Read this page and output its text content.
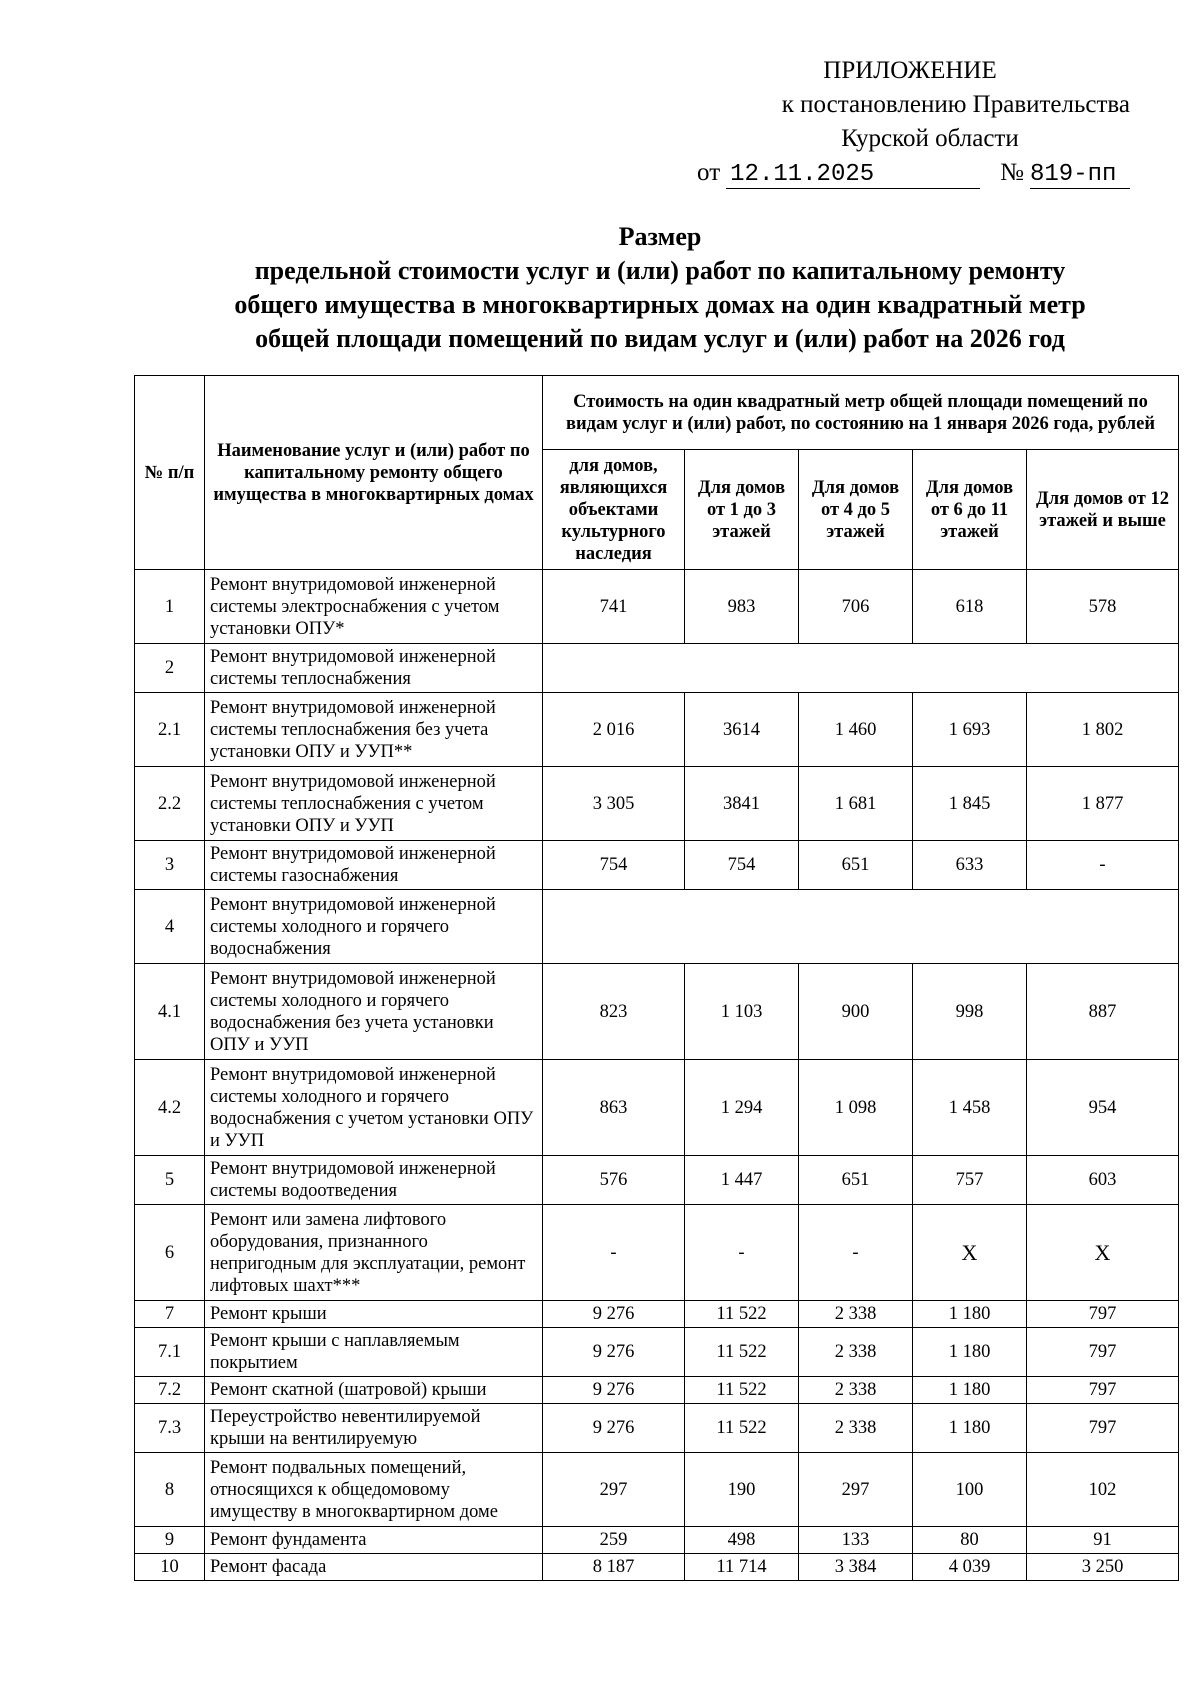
ПРИЛОЖЕНИЕ
к постановлению Правительства
Курской области
от 12.11.2025	№ 819-пп
Размер
предельной стоимости услуг и (или) работ по капитальному ремонту
общего имущества в многоквартирных домах на один квадратный метр
общей площади помещений по видам услуг и (или) работ на 2026 год
№ п/п	Наименование услуг и (или) работ по капитальному ремонту общего имущества в многоквартирных домах	Стоимость на один квадратный метр общей площади помещений по видам услуг и (или) работ, по состоянию на 1 января 2026 года, рублей				
		для домов, являющихся объектами культурного наследия	Для домов от 1 до 3 этажей	Для домов от 4 до 5 этажей	Для домов от 6 до 11 этажей	Для домов от 12 этажей и выше
1	Ремонт внутридомовой инженерной системы электроснабжения с учетом установки ОПУ*	741	983	706	618	578
2	Ремонт внутридомовой инженерной системы теплоснабжения					
2.1	Ремонт внутридомовой инженерной системы теплоснабжения без учета установки ОПУ и УУП**	2 016	3614	1 460	1 693	1 802
2.2	Ремонт внутридомовой инженерной системы теплоснабжения с учетом установки ОПУ и УУП	3 305	3841	1 681	1 845	1 877
3	Ремонт внутридомовой инженерной системы газоснабжения	754	754	651	633	-
4	Ремонт внутридомовой инженерной системы холодного и горячего водоснабжения					
4.1	Ремонт внутридомовой инженерной системы холодного и горячего водоснабжения без учета установки ОПУ и УУП	823	1 103	900	998	887
4.2	Ремонт внутридомовой инженерной системы холодного и горячего водоснабжения с учетом установки ОПУ и УУП	863	1 294	1 098	1 458	954
5	Ремонт внутридомовой инженерной системы водоотведения	576	1 447	651	757	603
6	Ремонт или замена лифтового оборудования, признанного непригодным для эксплуатации, ремонт лифтовых шахт***	-	-	-	X	X
7	Ремонт крыши	9 276	11 522	2 338	1 180	797
7.1	Ремонт крыши с наплавляемым покрытием	9 276	11 522	2 338	1 180	797
7.2	Ремонт скатной (шатровой) крыши	9 276	11 522	2 338	1 180	797
7.3	Переустройство невентилируемой крыши на вентилируемую	9 276	11 522	2 338	1 180	797
8	Ремонт подвальных помещений, относящихся к общедомовому имуществу в многоквартирном доме	297	190	297	100	102
9	Ремонт фундамента	259	498	133	80	91
10	Ремонт фасада	8 187	11 714	3 384	4 039	3 250
